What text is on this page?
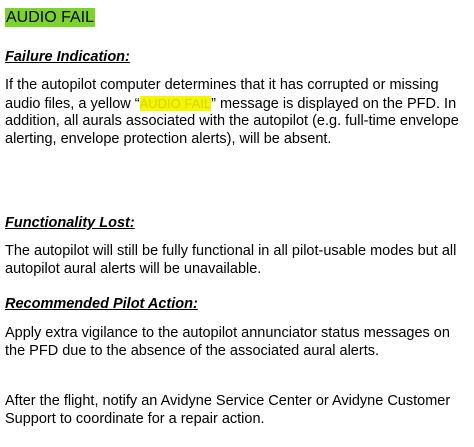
AUDIO FAIL
Failure Indication:

If the autopilot computer determines that it has corrupted or missing audio files, a yellow “AUDIO FAIL” message is displayed on the PFD. In addition, all aurals associated with the autopilot (e.g. full-time envelope alerting, envelope protection alerts), will be absent.

Functionality Lost:

The autopilot will still be fully functional in all pilot-usable modes but all autopilot aural alerts will be unavailable.

Recommended Pilot Action:

Apply extra vigilance to the autopilot annunciator status messages on the PFD due to the absence of the associated aural alerts.

After the flight, notify an Avidyne Service Center or Avidyne Customer Support to coordinate for a repair action.
